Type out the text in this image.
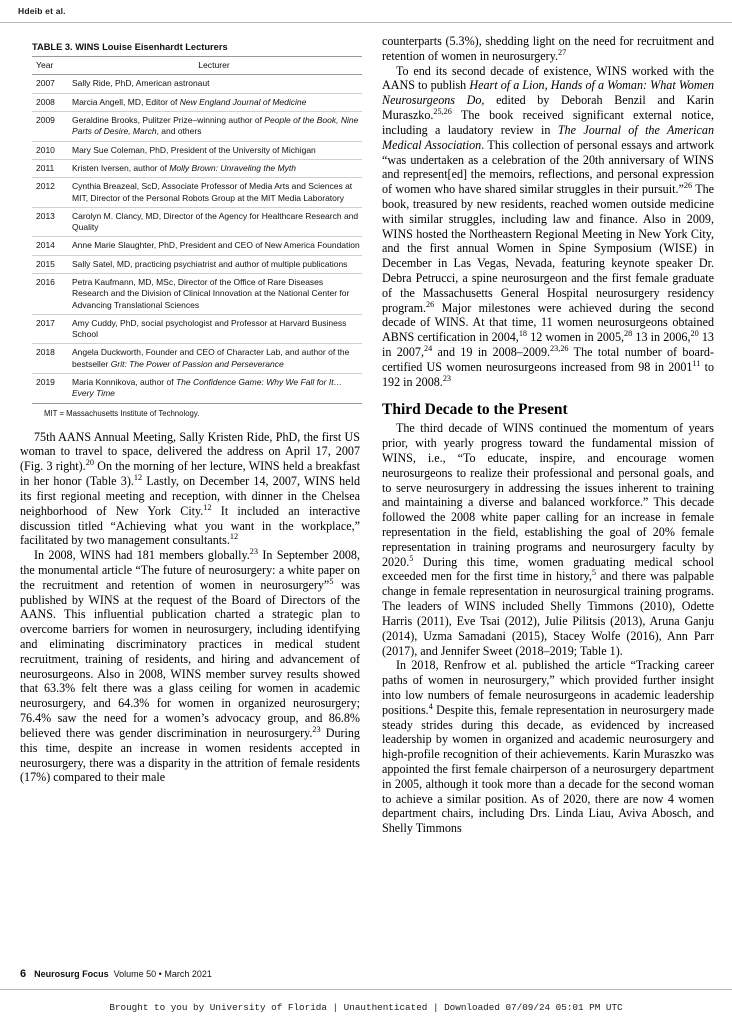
Hdeib et al.
TABLE 3. WINS Louise Eisenhardt Lecturers
Year	Lecturer
2007	Sally Ride, PhD, American astronaut
2008	Marcia Angell, MD, Editor of New England Journal of Medicine
2009	Geraldine Brooks, Pulitzer Prize–winning author of People of the Book, Nine Parts of Desire, March, and others
2010	Mary Sue Coleman, PhD, President of the University of Michigan
2011	Kristen Iversen, author of Molly Brown: Unraveling the Myth
2012	Cynthia Breazeal, ScD, Associate Professor of Media Arts and Sciences at MIT, Director of the Personal Robots Group at the MIT Media Laboratory
2013	Carolyn M. Clancy, MD, Director of the Agency for Healthcare Research and Quality
2014	Anne Marie Slaughter, PhD, President and CEO of New America Foundation
2015	Sally Satel, MD, practicing psychiatrist and author of multiple publications
2016	Petra Kaufmann, MD, MSc, Director of the Office of Rare Diseases Research and the Division of Clinical Innovation at the National Center for Advancing Translational Sciences
2017	Amy Cuddy, PhD, social psychologist and Professor at Harvard Business School
2018	Angela Duckworth, Founder and CEO of Character Lab, and author of the bestseller Grit: The Power of Passion and Perseverance
2019	Maria Konnikova, author of The Confidence Game: Why We Fall for It…Every Time
MIT = Massachusetts Institute of Technology.

75th AANS Annual Meeting, Sally Kristen Ride, PhD, the first US woman to travel to space, delivered the address on April 17, 2007 (Fig. 3 right).$^{20}$ On the morning of her lecture, WINS held a breakfast in her honor (Table 3).$^{12}$ Lastly, on December 14, 2007, WINS held its first regional meeting and reception, with dinner in the Chelsea neighborhood of New York City.$^{12}$ It included an interactive discussion titled “Achieving what you want in the workplace,” facilitated by two management consultants.$^{12}$

In 2008, WINS had 181 members globally.$^{23}$ In September 2008, the monumental article “The future of neurosurgery: a white paper on the recruitment and retention of women in neurosurgery”$^5$ was published by WINS at the request of the Board of Directors of the AANS. This influential publication charted a strategic plan to overcome barriers for women in neurosurgery, including identifying and eliminating discriminatory practices in medical student recruitment, training of residents, and hiring and advancement of neurosurgeons. Also in 2008, WINS member survey results showed that 63.3% felt there was a glass ceiling for women in academic neurosurgery, and 64.3% for women in organized neurosurgery; 76.4% saw the need for a women’s advocacy group, and 86.8% believed there was gender discrimination in neurosurgery.$^{23}$ During this time, despite an increase in women residents accepted in neurosurgery, there was a disparity in the attrition of female residents (17%) compared to their male

counterparts (5.3%), shedding light on the need for recruitment and retention of women in neurosurgery.$^{27}$

To end its second decade of existence, WINS worked with the AANS to publish Heart of a Lion, Hands of a Woman: What Women Neurosurgeons Do, edited by Deborah Benzil and Karin Muraszko.$^{25,26}$ The book received significant external notice, including a laudatory review in The Journal of the American Medical Association. This collection of personal essays and artwork “was undertaken as a celebration of the 20th anniversary of WINS and represent[ed] the memoirs, reflections, and personal expression of women who have shared similar struggles in their pursuit.”$^{26}$ The book, treasured by new residents, reached women outside medicine with similar struggles, including law and finance. Also in 2009, WINS hosted the Northeastern Regional Meeting in New York City, and the first annual Women in Spine Symposium (WISE) in December in Las Vegas, Nevada, featuring keynote speaker Dr. Debra Petrucci, a spine neurosurgeon and the first female graduate of the Massachusetts General Hospital neurosurgery residency program.$^{26}$ Major milestones were achieved during the second decade of WINS. At that time, 11 women neurosurgeons obtained ABNS certification in 2004,18 12 women in 2005,28 13 in 2006,20 13 in 2007,24 and 19 in 2008–2009.$^{23,26}$ The total number of board-certified US women neurosurgeons increased from 98 in 2001$^{11}$ to 192 in 2008.23

Third Decade to the Present

The third decade of WINS continued the momentum of years prior, with yearly progress toward the fundamental mission of WINS, i.e., “To educate, inspire, and encourage women neurosurgeons to realize their professional and personal goals, and to serve neurosurgery in addressing the issues inherent to training and maintaining a diverse and balanced workforce.” This decade followed the 2008 white paper calling for an increase in female representation in the field, establishing the goal of 20% female representation in training programs and neurosurgery faculty by 2020.$^5$ During this time, women graduating medical school exceeded men for the first time in history,$^5$ and there was palpable change in female representation in neurosurgical training programs. The leaders of WINS included Shelly Timmons (2010), Odette Harris (2011), Eve Tsai (2012), Julie Pilitsis (2013), Aruna Ganju (2014), Uzma Samadani (2015), Stacey Wolfe (2016), Ann Parr (2017), and Jennifer Sweet (2018–2019; Table 1).

In 2018, Renfrow et al. published the article “Tracking career paths of women in neurosurgery,” which provided further insight into low numbers of female neurosurgeons in academic leadership positions.$^4$ Despite this, female representation in neurosurgery made steady strides during this decade, as evidenced by increased leadership by women in organized and academic neurosurgery and high-profile recognition of their achievements. Karin Muraszko was appointed the first female chairperson of a neurosurgery department in 2005, although it took more than a decade for the second woman to achieve a similar position. As of 2020, there are now 4 women department chairs, including Drs. Linda Liau, Aviva Abosch, and Shelly Timmons

6 Neurosurg Focus Volume 50 • March 2021
Brought to you by University of Florida | Unauthenticated | Downloaded 07/09/24 05:01 PM UTC
